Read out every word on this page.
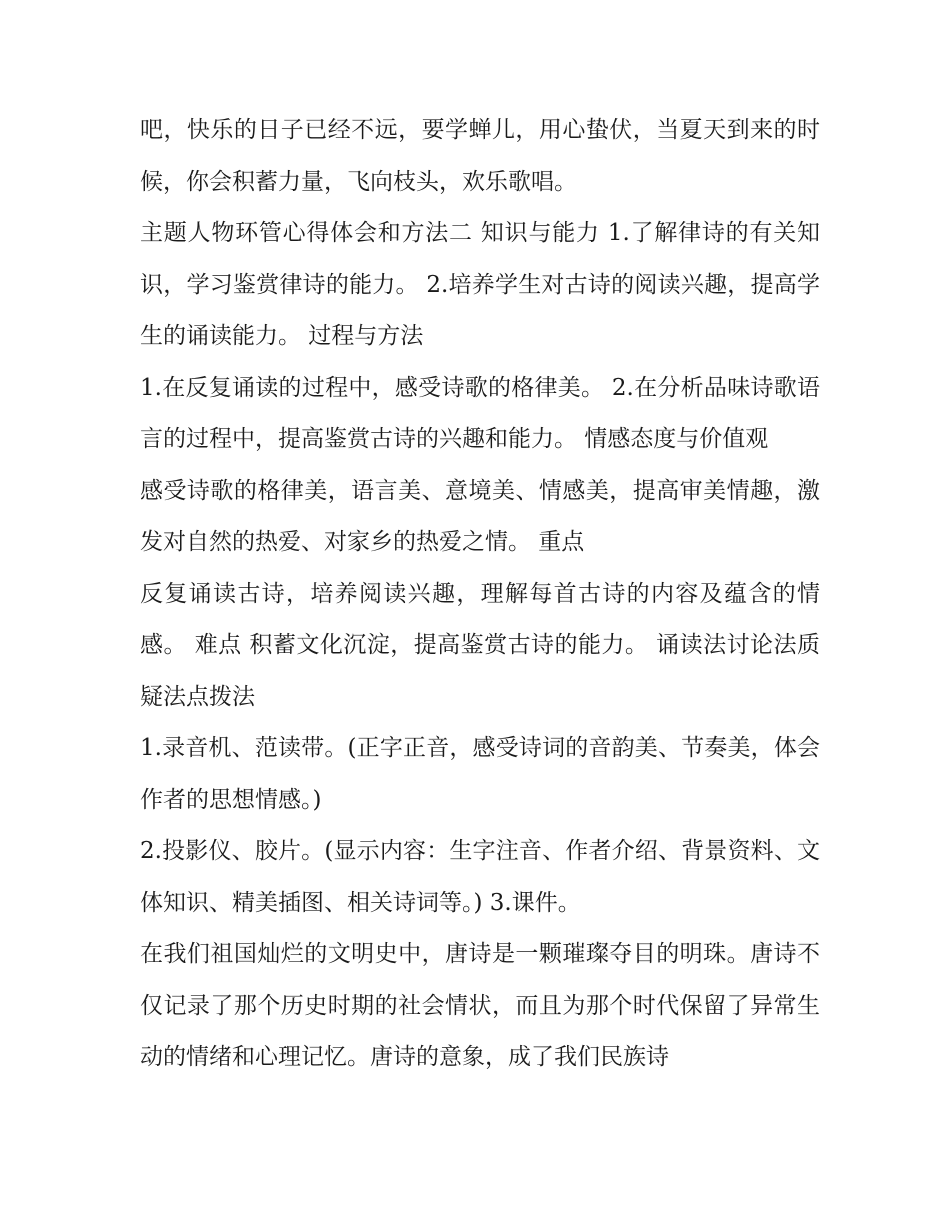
吧，快乐的日子已经不远，要学蝉儿，用心蛰伏，当夏天到来的时候，你会积蓄力量，飞向枝头，欢乐歌唱。

主题人物环管心得体会和方法二 知识与能力 1.了解律诗的有关知识，学习鉴赏律诗的能力。 2.培养学生对古诗的阅读兴趣，提高学生的诵读能力。 过程与方法

1.在反复诵读的过程中，感受诗歌的格律美。 2.在分析品味诗歌语言的过程中，提高鉴赏古诗的兴趣和能力。 情感态度与价值观

感受诗歌的格律美，语言美、意境美、情感美，提高审美情趣，激发对自然的热爱、对家乡的热爱之情。 重点

反复诵读古诗，培养阅读兴趣，理解每首古诗的内容及蕴含的情感。 难点 积蓄文化沉淀，提高鉴赏古诗的能力。 诵读法讨论法质疑法点拨法

1.录音机、范读带。(正字正音，感受诗词的音韵美、节奏美，体会作者的思想情感。)

2.投影仪、胶片。(显示内容：生字注音、作者介绍、背景资料、文体知识、精美插图、相关诗词等。) 3.课件。

在我们祖国灿烂的文明史中，唐诗是一颗璀璨夺目的明珠。唐诗不仅记录了那个历史时期的社会情状，而且为那个时代保留了异常生动的情绪和心理记忆。唐诗的意象，成了我们民族诗
